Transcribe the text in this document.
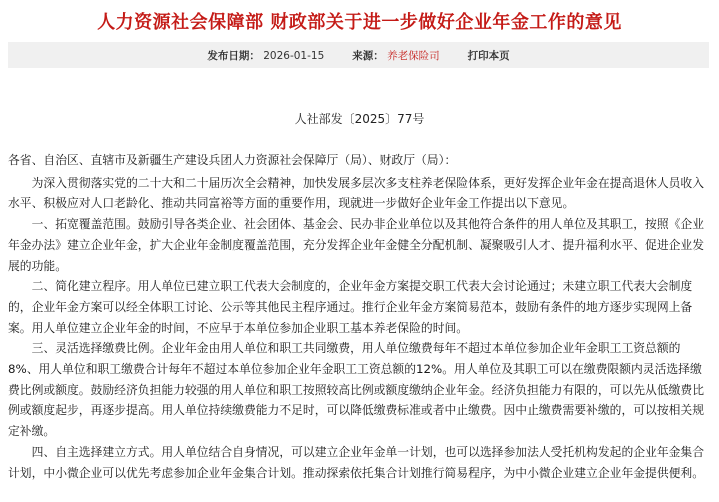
人力资源社会保障部 财政部关于进一步做好企业年金工作的意见
发布日期： 2026-01-15	来源： 养老保险司	打印本页
人社部发〔2025〕77号

各省、自治区、直辖市及新疆生产建设兵团人力资源社会保障厅（局）、财政厅（局）：

为深入贯彻落实党的二十大和二十届历次全会精神，加快发展多层次多支柱养老保险体系，更好发挥企业年金在提高退休人员收入水平、积极应对人口老龄化、推动共同富裕等方面的重要作用，现就进一步做好企业年金工作提出以下意见。

一、拓宽覆盖范围。鼓励引导各类企业、社会团体、基金会、民办非企业单位以及其他符合条件的用人单位及其职工，按照《企业年金办法》建立企业年金，扩大企业年金制度覆盖范围，充分发挥企业年金健全分配机制、凝聚吸引人才、提升福利水平、促进企业发展的功能。

二、简化建立程序。用人单位已建立职工代表大会制度的，企业年金方案提交职工代表大会讨论通过；未建立职工代表大会制度的，企业年金方案可以经全体职工讨论、公示等其他民主程序通过。推行企业年金方案简易范本，鼓励有条件的地方逐步实现网上备案。用人单位建立企业年金的时间，不应早于本单位参加企业职工基本养老保险的时间。

三、灵活选择缴费比例。企业年金由用人单位和职工共同缴费，用人单位缴费每年不超过本单位参加企业年金职工工资总额的8%、用人单位和职工缴费合计每年不超过本单位参加企业年金职工工资总额的12%。用人单位及其职工可以在缴费限额内灵活选择缴费比例或额度。鼓励经济负担能力较强的用人单位和职工按照较高比例或额度缴纳企业年金。经济负担能力有限的，可以先从低缴费比例或额度起步，再逐步提高。用人单位持续缴费能力不足时，可以降低缴费标准或者中止缴费。因中止缴费需要补缴的，可以按相关规定补缴。

四、自主选择建立方式。用人单位结合自身情况，可以建立企业年金单一计划，也可以选择参加法人受托机构发起的企业年金集合计划，中小微企业可以优先考虑参加企业年金集合计划。推动探索依托集合计划推行简易程序，为中小微企业建立企业年金提供便利。
